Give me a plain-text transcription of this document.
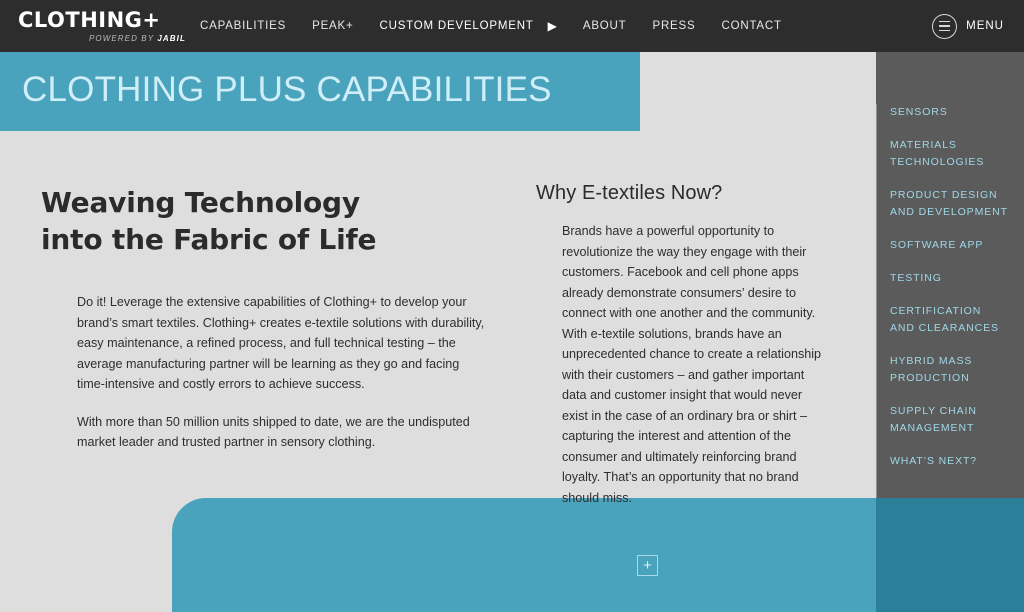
CLOTHING+
POWERED BY JABIL
CAPABILITIES PEAK+ CUSTOM DEVELOPMENT ▶ ABOUT PRESS CONTACT	MENU
CLOTHING PLUS CAPABILITIES
Weaving Technology
into the Fabric of Life

Do it! Leverage the extensive capabilities of Clothing+ to develop your brand’s smart textiles. Clothing+ creates e-textile solutions with durability, easy maintenance, a refined process, and full technical testing – the average manufacturing partner will be learning as they go and facing time-intensive and costly errors to achieve success.

With more than 50 million units shipped to date, we are the undisputed market leader and trusted partner in sensory clothing.

Why E-textiles Now?

Brands have a powerful opportunity to revolutionize the way they engage with their customers. Facebook and cell phone apps already demonstrate consumers’ desire to connect with one another and the community. With e-textile solutions, brands have an unprecedented chance to create a relationship with their customers – and gather important data and customer insight that would never exist in the case of an ordinary bra or shirt – capturing the interest and attention of the consumer and ultimately reinforcing brand loyalty. That’s an opportunity that no brand should miss.

SENSORS
MATERIALS TECHNOLOGIES
PRODUCT DESIGN AND DEVELOPMENT
SOFTWARE APP
TESTING
CERTIFICATION AND CLEARANCES
HYBRID MASS PRODUCTION
SUPPLY CHAIN MANAGEMENT
WHAT’S NEXT?
+
